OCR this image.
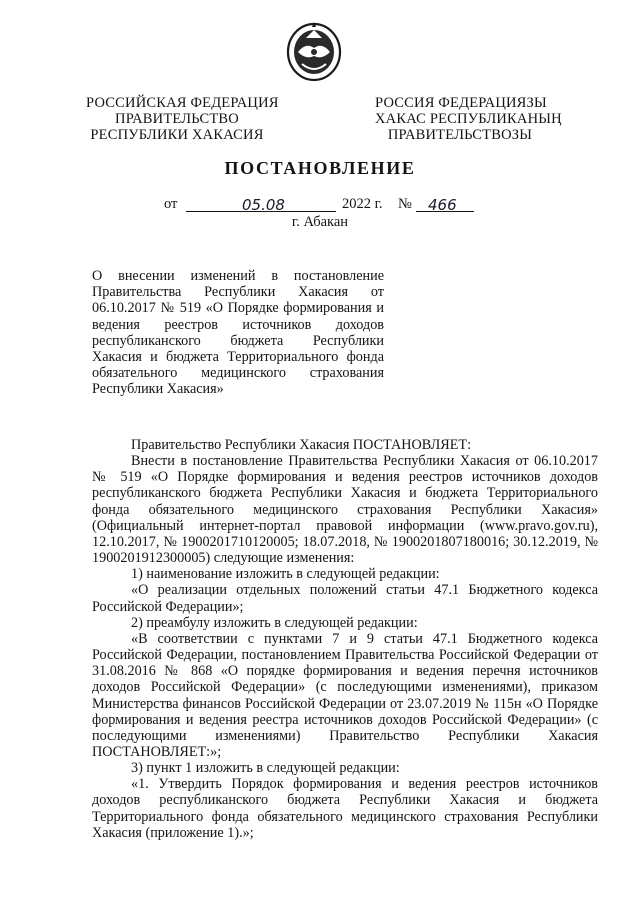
РОССИЙСКАЯ ФЕДЕРАЦИЯ
ПРАВИТЕЛЬСТВО
РЕСПУБЛИКИ ХАКАСИЯ
РОССИЯ ФЕДЕРАЦИЯЗЫ
ХАКАС РЕСПУБЛИКАНЫҢ
ПРАВИТЕЛЬСТВОЗЫ
ПОСТАНОВЛЕНИЕ
от	05.08	2022 г. № 466
г. Абакан
О внесении изменений в постановление Правительства Республики Хакасия от 06.10.2017 № 519 «О Порядке формирования и ведения реестров источников доходов республиканского бюджета Республики Хакасия и бюджета Территориального фонда обязательного медицинского страхования Республики Хакасия»

Правительство Республики Хакасия ПОСТАНОВЛЯЕТ:

Внести в постановление Правительства Республики Хакасия от 06.10.2017 № 519 «О Порядке формирования и ведения реестров источников доходов республиканского бюджета Республики Хакасия и бюджета Территориального фонда обязательного медицинского страхования Республики Хакасия» (Официальный интернет-портал правовой информации (www.pravo.gov.ru), 12.10.2017, № 1900201710120005; 18.07.2018, № 1900201807180016; 30.12.2019, № 1900201912300005) следующие изменения:

1) наименование изложить в следующей редакции:

«О реализации отдельных положений статьи 47.1 Бюджетного кодекса Российской Федерации»;

2) преамбулу изложить в следующей редакции:

«В соответствии с пунктами 7 и 9 статьи 47.1 Бюджетного кодекса Российской Федерации, постановлением Правительства Российской Федерации от 31.08.2016 № 868 «О порядке формирования и ведения перечня источников доходов Российской Федерации» (с последующими изменениями), приказом Министерства финансов Российской Федерации от 23.07.2019 № 115н «О Порядке формирования и ведения реестра источников доходов Российской Федерации» (с последующими изменениями) Правительство Республики Хакасия ПОСТАНОВЛЯЕТ:»;

3) пункт 1 изложить в следующей редакции:

«1. Утвердить Порядок формирования и ведения реестров источников доходов республиканского бюджета Республики Хакасия и бюджета Территориального фонда обязательного медицинского страхования Республики Хакасия (приложение 1).»;
